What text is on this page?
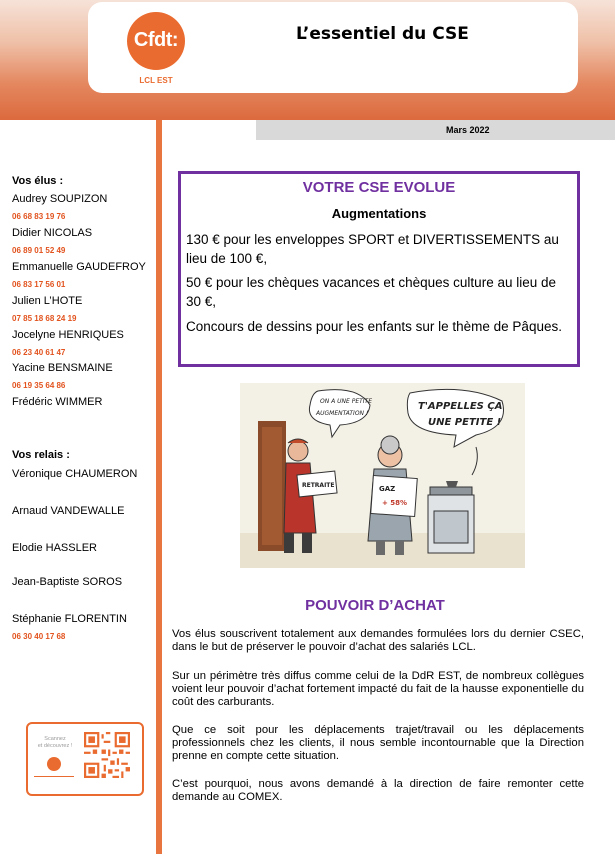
Cfdt:
LCL EST
L’essentiel du CSE
Mars 2022
Vos élus :
Audrey SOUPIZON
06 68 83 19 76
Didier NICOLAS
06 89 01 52 49
Emmanuelle GAUDEFROY
06 83 17 56 01
Julien L’HOTE
07 85 18 68 24 19
Jocelyne HENRIQUES
06 23 40 61 47
Yacine BENSMAINE
06 19 35 64 86
Frédéric WIMMER
Vos relais :
Véronique CHAUMERON
Arnaud VANDEWALLE
Elodie HASSLER
Jean-Baptiste SOROS
Stéphanie FLORENTIN
06 30 40 17 68
Scannez
et découvrez !
VOTRE CSE EVOLUE
Augmentations

130 € pour les enveloppes SPORT et DIVERTISSEMENTS au lieu de 100 €,

50 € pour les chèques vacances et chèques culture au lieu de 30 €,

Concours de dessins pour les enfants sur le thème de Pâques.

RETRAITE	GAZ
+ 58%
ON A UNE PETITE
AUGMENTATION !
T'APPELLES ÇA
UNE PETITE !
POUVOIR D’ACHAT

Vos élus souscrivent totalement aux demandes formulées lors du dernier CSEC, dans le but de préserver le pouvoir d’achat des salariés LCL.

Sur un périmètre très diffus comme celui de la DdR EST, de nombreux collègues voient leur pouvoir d’achat fortement impacté du fait de la hausse exponentielle du coût des carburants.

Que ce soit pour les déplacements trajet/travail ou les déplacements professionnels chez les clients, il nous semble incontournable que la Direction prenne en compte cette situation.

C’est pourquoi, nous avons demandé à la direction de faire remonter cette demande au COMEX.
